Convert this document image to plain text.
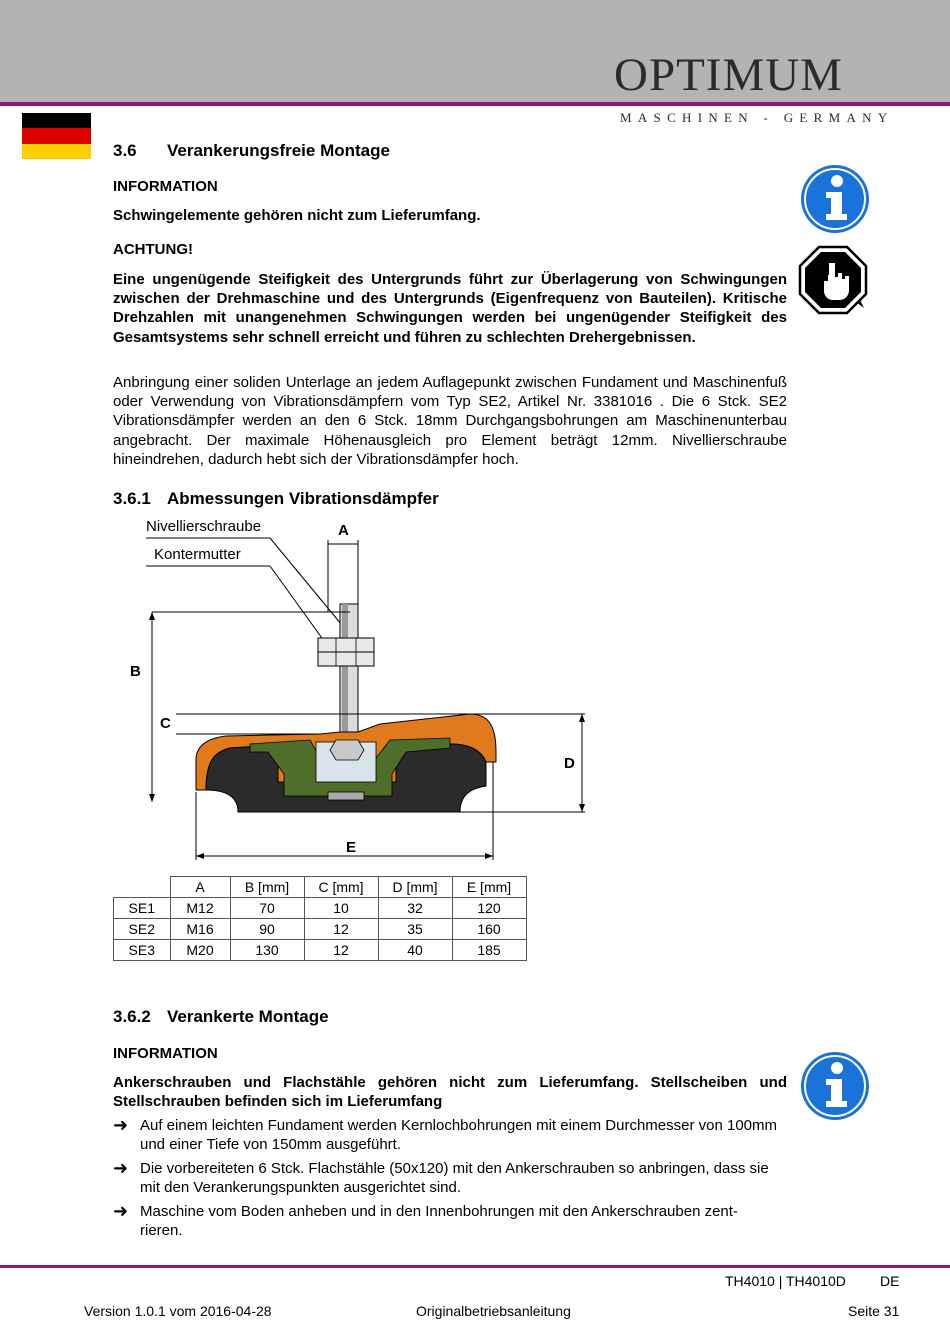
OPTIMUM
MASCHINEN - GERMANY
3.6 Verankerungsfreie Montage
INFORMATION
Schwingelemente gehören nicht zum Lieferumfang.
ACHTUNG!
Eine ungenügende Steifigkeit des Untergrunds führt zur Überlagerung von Schwingungen zwischen der Drehmaschine und des Untergrunds (Eigenfrequenz von Bauteilen). Kritische Drehzahlen mit unangenehmen Schwingungen werden bei ungenügender Steifigkeit des Gesamtsystems sehr schnell erreicht und führen zu schlechten Drehergebnissen.
Anbringung einer soliden Unterlage an jedem Auflagepunkt zwischen Fundament und Maschinenfuß oder Verwendung von Vibrationsdämpfern vom Typ SE2, Artikel Nr. 3381016 . Die 6 Stck. SE2 Vibrationsdämpfer werden an den 6 Stck. 18mm Durchgangsbohrungen am Maschinenunterbau angebracht. Der maximale Höhenausgleich pro Element beträgt 12mm. Nivellierschraube hineindrehen, dadurch hebt sich der Vibrationsdämpfer hoch.
3.6.1 Abmessungen Vibrationsdämpfer
Nivellierschraube
Kontermutter
A
B
C
D
E
	A	B [mm]	C [mm]	D [mm]	E [mm]
SE1	M12	70	10	32	120
SE2	M16	90	12	35	160
SE3	M20	130	12	40	185
3.6.2 Verankerte Montage
INFORMATION
Ankerschrauben und Flachstähle gehören nicht zum Lieferumfang. Stellscheiben und Stellschrauben befinden sich im Lieferumfang
➜ Auf einem leichten Fundament werden Kernlochbohrungen mit einem Durchmesser von 100mm und einer Tiefe von 150mm ausgeführt.
➜ Die vorbereiteten 6 Stck. Flachstähle (50x120) mit den Ankerschrauben so anbringen, dass sie mit den Verankerungspunkten ausgerichtet sind.
➜ Maschine vom Boden anheben und in den Innenbohrungen mit den Ankerschrauben zent-rieren.
TH4010 | TH4010D DE
Version 1.0.1 vom 2016-04-28	Originalbetriebsanleitung	Seite 31
